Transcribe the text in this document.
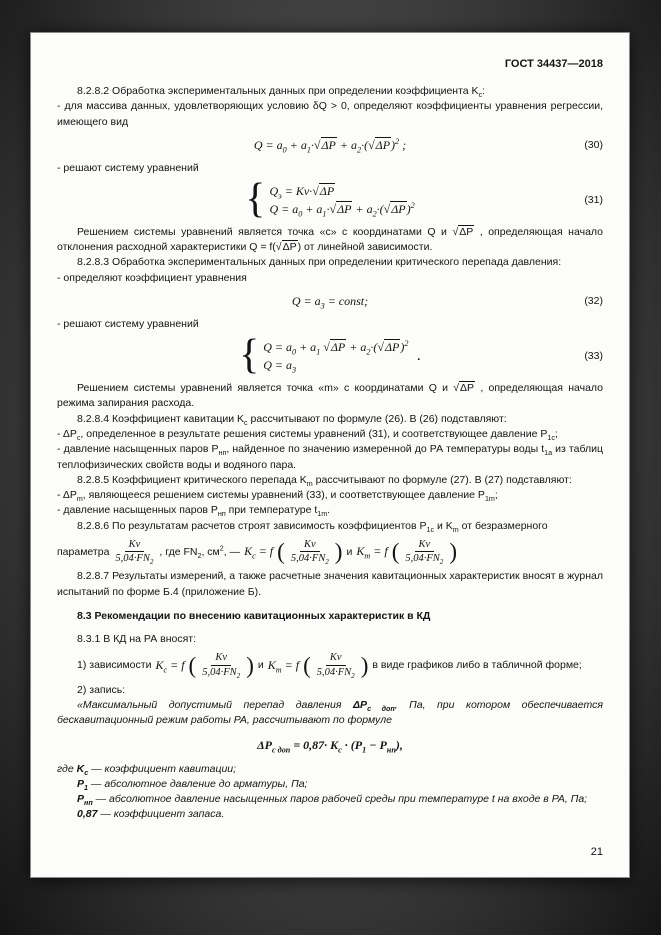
ГОСТ 34437—2018

8.2.8.2 Обработка экспериментальных данных при определении коэффициента $K_с$:

- для массива данных, удовлетворяющих условию δQ > 0, определяют коэффициенты уравнения регрессии, имеющего вид

$Q = a_0 + a_1\cdot√\Delta P + a_2\cdot(√\Delta P)^2$ ;	(30)

- решают систему уравнений

{ $Q_э = Kv\cdot√\Delta P$
$Q = a_0 + a_1\cdot√\Delta P + a_2\cdot(√\Delta P)^2$	(31)

Решением системы уравнений является точка «с» с координатами Q и √ΔP , определяющая начало отклонения расходной характеристики Q = f(√ΔP) от линейной зависимости.

8.2.8.3 Обработка экспериментальных данных при определении критического перепада давления:

- определяют коэффициент уравнения

$Q = a_3$ = const;	(32)

- решают систему уравнений

{ $Q = a_0 + a_1$ $√\Delta P + a_2\cdot(√\Delta P)^2$
$Q = a_3$
.	(33)

Решением системы уравнений является точка «m» с координатами Q и √ΔP , определяющая начало режима запирания расхода.

8.2.8.4 Коэффициент кавитации $K_с$ рассчитывают по формуле (26). В (26) подставляют:

- $\Delta P_с$, определенное в результате решения системы уравнений (31), и соответствующее давление $P_{1с}$;

- давление насыщенных паров $P_{нп}$, найденное по значению измеренной до РА температуры воды $t_{1а}$ из таблиц теплофизических свойств воды и водяного пара.

8.2.8.5 Коэффициент критического перепада $K_m$ рассчитывают по формуле (27). В (27) подставляют:

- $\Delta P_m$, являющееся решением системы уравнений (33), и соответствующее давление $P_{1m}$;

- давление насыщенных паров $P_{нп}$ при температуре $t_{1m}$.

8.2.8.6 По результатам расчетов строят зависимость коэффициентов $P_{1с}$ и $K_m$ от безразмерного

параметра $\frac{Kv}{5,04\cdot FN_2}$ , где $FN_2$, $см^2$, — $K_с = f$ ( $\frac{Kv}{5,04\cdot FN_2}$ ) и $K_m = f$ ( $\frac{Kv}{5,04\cdot FN_2}$ )

8.2.8.7 Результаты измерений, а также расчетные значения кавитационных характеристик вносят в журнал испытаний по форме Б.4 (приложение Б).

8.3 Рекомендации по внесению кавитационных характеристик в КД

8.3.1 В КД на РА вносят:

1) зависимости $K_с = f$ ( $\frac{Kv}{5,04\cdot FN_2}$ ) и $K_m = f$ ( $\frac{Kv}{5,04\cdot FN_2}$ ) в виде графиков либо в табличной форме;

2) запись:

«Максимальный допустимый перепад давления $\Delta P_{с доп}$, Па, при котором обеспечивается бескавитационный режим работы РА, рассчитывают по формуле

$\Delta P_{с доп} = 0,87\cdot K_с \cdot (P_1 - P_{нп})$,

где $K_с$ — коэффициент кавитации;

$P_1$ — абсолютное давление до арматуры, Па;

$P_{нп}$ — абсолютное давление насыщенных паров рабочей среды при температуре t на входе в РА, Па;

0,87 — коэффициент запаса.

21
